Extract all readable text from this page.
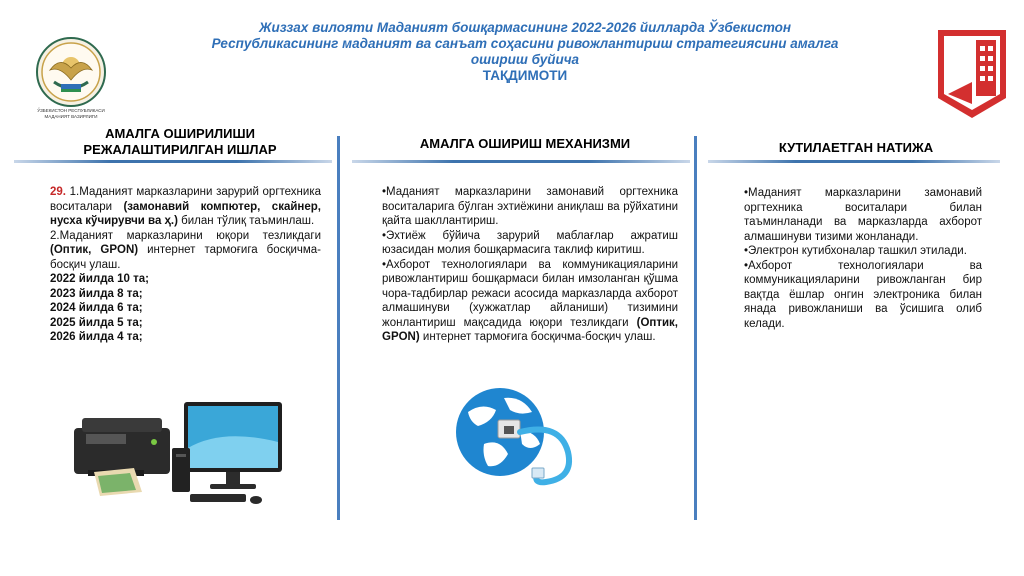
Жиззах вилояти Маданият бошқармасининг 2022-2026 йилларда Ўзбекистон
Республикасининг маданият ва санъат соҳасини ривожлантириш стратегиясини амалга
ошириш буйича
ТАҚДИМОТИ
ЎЗБЕКИСТОН РЕСПУБЛИКАСИ
МАДАНИЯТ ВАЗИРЛИГИ
АМАЛГА ОШИРИЛИШИ
РЕЖАЛАШТИРИЛГАН ИШЛАР	АМАЛГА ОШИРИШ МЕХАНИЗМИ	КУТИЛАЕТГАН НАТИЖА

29. 1.Маданият марказларини зарурий оргтехника воситалари (замонавий компютер, скайнер, нусха кўчирувчи ва ҳ.) билан тўлиқ таъминлаш.

2.Маданият марказларини юқори тезликдаги (Оптик, GPON) интернет тармоғига босқичма-босқич улаш.

2022 йилда 10 та;

2023 йилда 8 та;

2024 йилда 6 та;

2025 йилда 5 та;

2026 йилда 4 та;

•Маданият марказларини замонавий оргтехника воситаларига бўлган эхтиёжини аниқлаш ва рўйхатини қайта шакллантириш.

•Эхтиёж бўйича зарурий маблағлар ажратиш юзасидан молия бошқармасига таклиф киритиш.

•Ахборот технологиялари ва коммуникацияларини ривожлантириш бошқармаси билан имзоланган қўшма чора-тадбирлар режаси асосида марказларда ахборот алмашинуви (хужжатлар айланиши) тизимини жонлантириш мақсадида юқори тезликдаги (Оптик, GPON) интернет тармоғига босқичма-босқич улаш.

•Маданият марказларини замонавий оргтехника воситалари билан таъминланади ва марказларда ахборот алмашинуви тизими жонланади.

•Электрон кутибхоналар ташкил этилади.

•Ахборот технологиялари ва коммуникацияларини ривожланган бир вақтда ёшлар онгин электроника билан янада ривожланиши ва ўсишига олиб келади.
